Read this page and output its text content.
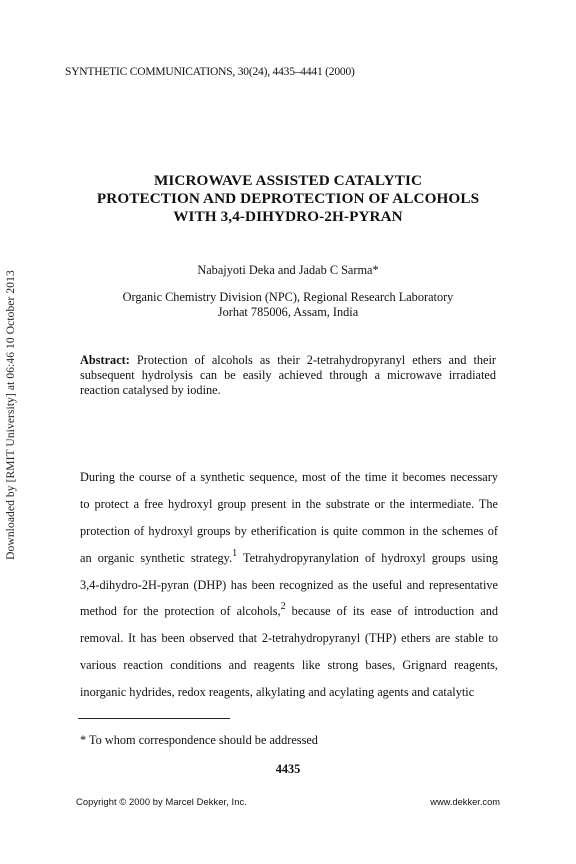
Downloaded by [RMIT University] at 06:46 10 October 2013
SYNTHETIC COMMUNICATIONS, 30(24), 4435–4441 (2000)
MICROWAVE ASSISTED CATALYTIC
PROTECTION AND DEPROTECTION OF ALCOHOLS
WITH 3,4-DIHYDRO-2H-PYRAN
Nabajyoti Deka and Jadab C Sarma*
Organic Chemistry Division (NPC), Regional Research Laboratory
Jorhat 785006, Assam, India

Abstract: Protection of alcohols as their 2-tetrahydropyranyl ethers and their subsequent hydrolysis can be easily achieved through a microwave irradiated reaction catalysed by iodine.

During the course of a synthetic sequence, most of the time it becomes necessary
to protect a free hydroxyl group present in the substrate or the intermediate. The
protection of hydroxyl groups by etherification is quite common in the schemes of
an organic synthetic strategy.$^1$ Tetrahydropyranylation of hydroxyl groups using
3,4-dihydro-2H-pyran (DHP) has been recognized as the useful and representative
method for the protection of alcohols,$^2$ because of its ease of introduction and
removal. It has been observed that 2-tetrahydropyranyl (THP) ethers are stable to
various reaction conditions and reagents like strong bases, Grignard reagents,
inorganic hydrides, redox reagents, alkylating and acylating agents and catalytic
* To whom correspondence should be addressed
4435
Copyright © 2000 by Marcel Dekker, Inc.	www.dekker.com
